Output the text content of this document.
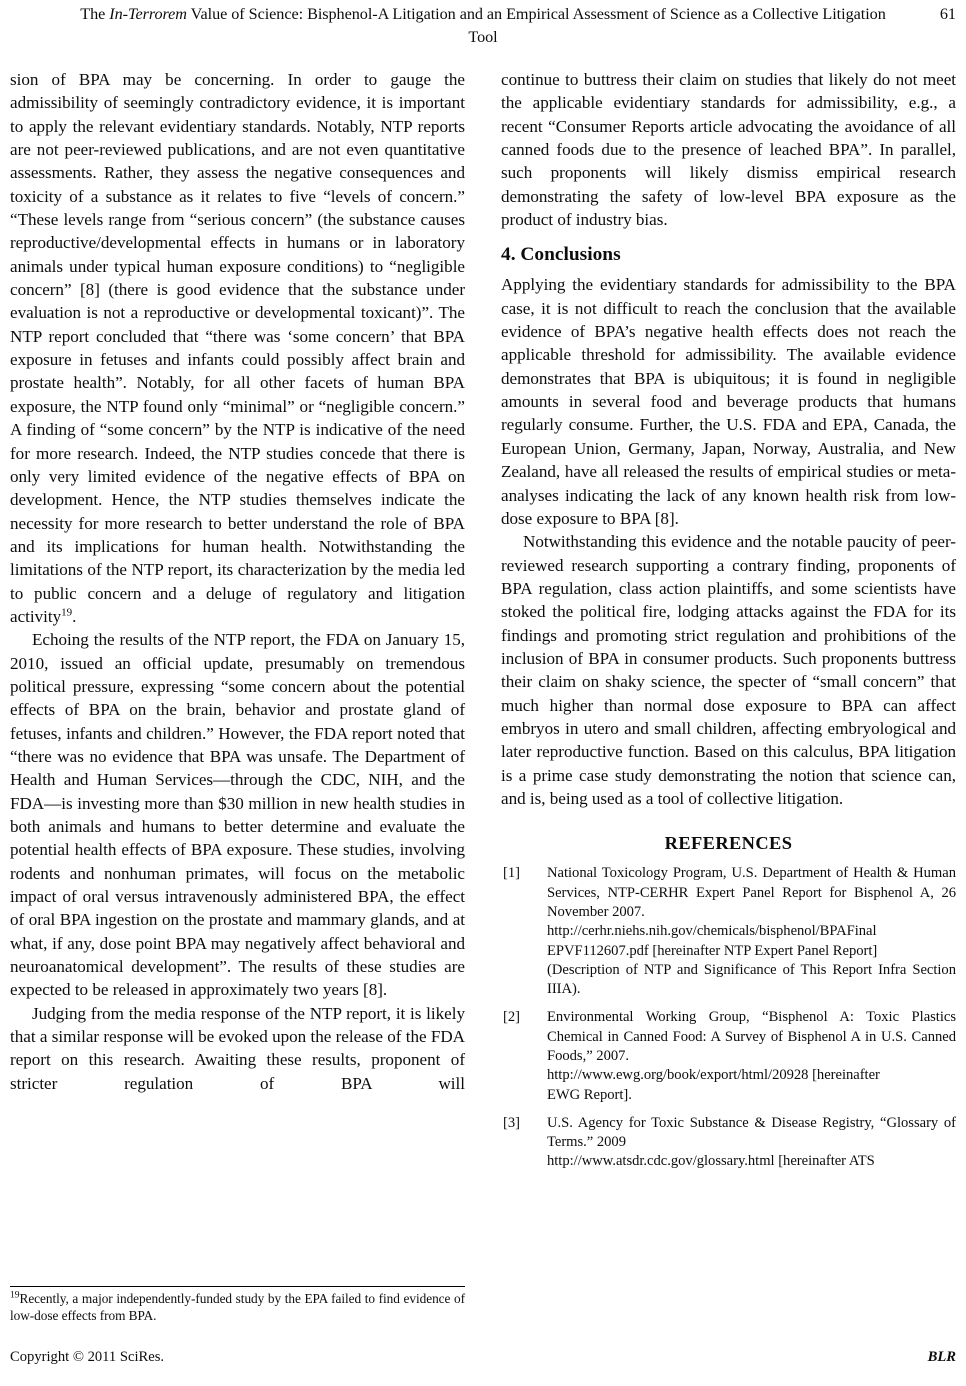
The In-Terrorem Value of Science: Bisphenol-A Litigation and an Empirical Assessment of Science as a Collective Litigation Tool
61

sion of BPA may be concerning. In order to gauge the admissibility of seemingly contradictory evidence, it is important to apply the relevant evidentiary standards. Notably, NTP reports are not peer-reviewed publications, and are not even quantitative assessments. Rather, they assess the negative consequences and toxicity of a substance as it relates to five “levels of concern.” “These levels range from “serious concern” (the substance causes reproductive/developmental effects in humans or in laboratory animals under typical human exposure conditions) to “negligible concern” [8] (there is good evidence that the substance under evaluation is not a reproductive or developmental toxicant)”. The NTP report concluded that “there was ‘some concern’ that BPA exposure in fetuses and infants could possibly affect brain and prostate health”. Notably, for all other facets of human BPA exposure, the NTP found only “minimal” or “negligible concern.” A finding of “some concern” by the NTP is indicative of the need for more research. Indeed, the NTP studies concede that there is only very limited evidence of the negative effects of BPA on development. Hence, the NTP studies themselves indicate the necessity for more research to better understand the role of BPA and its implications for human health. Notwithstanding the limitations of the NTP report, its characterization by the media led to public concern and a deluge of regulatory and litigation activity$^{19}$.

Echoing the results of the NTP report, the FDA on January 15, 2010, issued an official update, presumably on tremendous political pressure, expressing “some concern about the potential effects of BPA on the brain, behavior and prostate gland of fetuses, infants and children.” However, the FDA report noted that “there was no evidence that BPA was unsafe. The Department of Health and Human Services—through the CDC, NIH, and the FDA—is investing more than $30 million in new health studies in both animals and humans to better determine and evaluate the potential health effects of BPA exposure. These studies, involving rodents and nonhuman primates, will focus on the metabolic impact of oral versus intravenously administered BPA, the effect of oral BPA ingestion on the prostate and mammary glands, and at what, if any, dose point BPA may negatively affect behavioral and neuroanatomical development”. The results of these studies are expected to be released in approximately two years [8].

Judging from the media response of the NTP report, it is likely that a similar response will be evoked upon the release of the FDA report on this research. Awaiting these results, proponent of stricter regulation of BPA will

continue to buttress their claim on studies that likely do not meet the applicable evidentiary standards for admissibility, e.g., a recent “Consumer Reports article advocating the avoidance of all canned foods due to the presence of leached BPA”. In parallel, such proponents will likely dismiss empirical research demonstrating the safety of low-level BPA exposure as the product of industry bias.

4. Conclusions

Applying the evidentiary standards for admissibility to the BPA case, it is not difficult to reach the conclusion that the available evidence of BPA’s negative health effects does not reach the applicable threshold for admissibility. The available evidence demonstrates that BPA is ubiquitous; it is found in negligible amounts in several food and beverage products that humans regularly consume. Further, the U.S. FDA and EPA, Canada, the European Union, Germany, Japan, Norway, Australia, and New Zealand, have all released the results of empirical studies or meta-analyses indicating the lack of any known health risk from low-dose exposure to BPA [8].

Notwithstanding this evidence and the notable paucity of peer-reviewed research supporting a contrary finding, proponents of BPA regulation, class action plaintiffs, and some scientists have stoked the political fire, lodging attacks against the FDA for its findings and promoting strict regulation and prohibitions of the inclusion of BPA in consumer products. Such proponents buttress their claim on shaky science, the specter of “small concern” that much higher than normal dose exposure to BPA can affect embryos in utero and small children, affecting embryological and later reproductive function. Based on this calculus, BPA litigation is a prime case study demonstrating the notion that science can, and is, being used as a tool of collective litigation.

REFERENCES
[1]	National Toxicology Program, U.S. Department of Health & Human Services, NTP-CERHR Expert Panel Report for Bisphenol A, 26 November 2007.
http://cerhr.niehs.nih.gov/chemicals/bisphenol/BPAFinal
EPVF112607.pdf [hereinafter NTP Expert Panel Report]
(Description of NTP and Significance of This Report Infra Section IIIA).
[2]	Environmental Working Group, “Bisphenol A: Toxic Plastics Chemical in Canned Food: A Survey of Bisphenol A in U.S. Canned Foods,” 2007.
http://www.ewg.org/book/export/html/20928 [hereinafter
EWG Report].
[3]	U.S. Agency for Toxic Substance & Disease Registry, “Glossary of Terms.” 2009
http://www.atsdr.cdc.gov/glossary.html [hereinafter ATS

$^{19}$Recently, a major independently-funded study by the EPA failed to find evidence of low-dose effects from BPA.

Copyright © 2011 SciRes.	BLR
